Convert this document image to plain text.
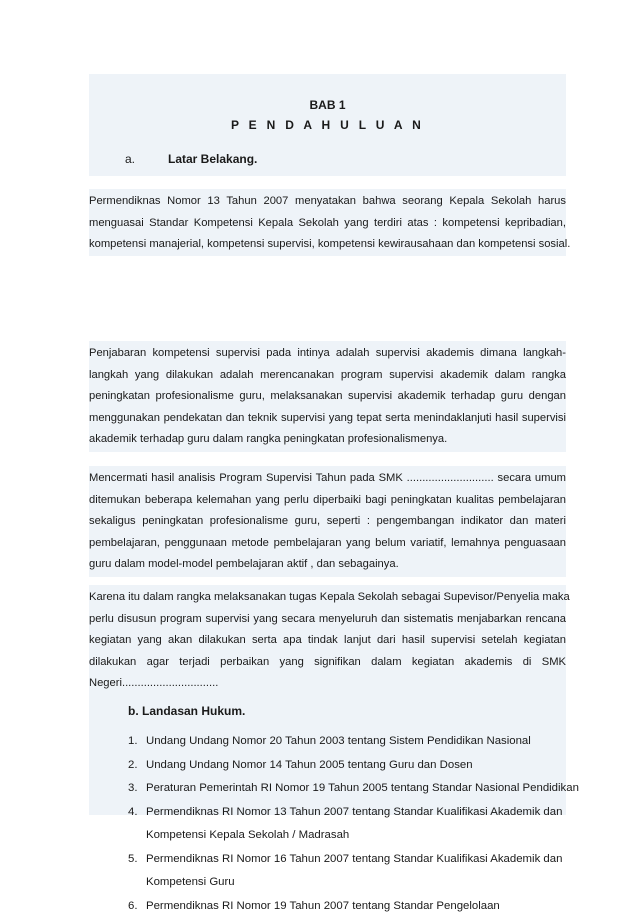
BAB 1
P E N D A H U L U A N
a.	Latar Belakang.
Permendiknas Nomor 13 Tahun 2007 menyatakan bahwa seorang Kepala Sekolah harus
menguasai Standar Kompetensi Kepala Sekolah yang terdiri atas : kompetensi kepribadian,
kompetensi manajerial, kompetensi supervisi, kompetensi kewirausahaan dan kompetensi sosial.
Penjabaran kompetensi supervisi pada intinya adalah supervisi akademis dimana langkah-
langkah yang dilakukan adalah merencanakan program supervisi akademik dalam rangka
peningkatan profesionalisme guru, melaksanakan supervisi akademik terhadap guru dengan
menggunakan pendekatan dan teknik supervisi yang tepat serta menindaklanjuti hasil supervisi
akademik terhadap guru dalam rangka peningkatan profesionalismenya.
Mencermati hasil analisis Program Supervisi Tahun pada SMK ............................ secara umum
ditemukan beberapa kelemahan yang perlu diperbaiki bagi peningkatan kualitas pembelajaran
sekaligus peningkatan profesionalisme guru, seperti : pengembangan indikator dan materi
pembelajaran, penggunaan metode pembelajaran yang belum variatif, lemahnya penguasaan
guru dalam model-model pembelajaran aktif , dan sebagainya.
Karena itu dalam rangka melaksanakan tugas Kepala Sekolah sebagai Supevisor/Penyelia maka
perlu disusun program supervisi yang secara menyeluruh dan sistematis menjabarkan rencana
kegiatan yang akan dilakukan serta apa tindak lanjut dari hasil supervisi setelah kegiatan
dilakukan agar terjadi perbaikan yang signifikan dalam kegiatan akademis di SMK
Negeri...............................
b. Landasan Hukum.
1. Undang Undang Nomor 20 Tahun 2003 tentang Sistem Pendidikan Nasional
2. Undang Undang Nomor 14 Tahun 2005 tentang Guru dan Dosen
3. Peraturan Pemerintah RI Nomor 19 Tahun 2005 tentang Standar Nasional Pendidikan
4. Permendiknas RI Nomor 13 Tahun 2007 tentang Standar Kualifikasi Akademik dan
Kompetensi Kepala Sekolah / Madrasah
5. Permendiknas RI Nomor 16 Tahun 2007 tentang Standar Kualifikasi Akademik dan
Kompetensi Guru
6. Permendiknas RI Nomor 19 Tahun 2007 tentang Standar Pengelolaan
